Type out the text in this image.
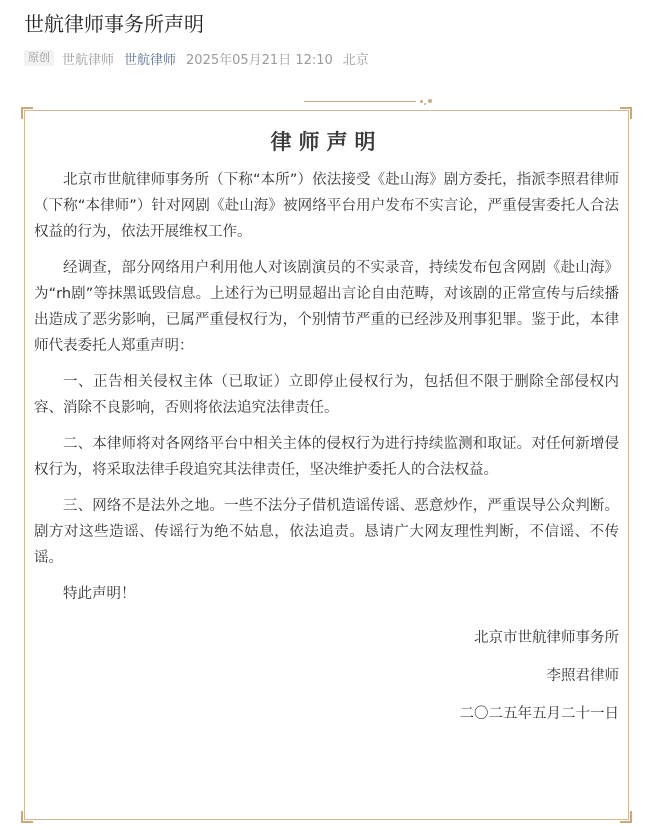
世航律师事务所声明
原创 世航律师 世航律师 2025年05月21日 12:10 北京
律师声明

北京市世航律师事务所（下称“本所”）依法接受《赴山海》剧方委托，指派李照君律师（下称“本律师”）针对网剧《赴山海》被网络平台用户发布不实言论，严重侵害委托人合法权益的行为，依法开展维权工作。

经调查，部分网络用户利用他人对该剧演员的不实录音，持续发布包含网剧《赴山海》为“rh剧”等抹黑诋毁信息。上述行为已明显超出言论自由范畴，对该剧的正常宣传与后续播出造成了恶劣影响，已属严重侵权行为，个别情节严重的已经涉及刑事犯罪。鉴于此，本律师代表委托人郑重声明：

一、正告相关侵权主体（已取证）立即停止侵权行为，包括但不限于删除全部侵权内容、消除不良影响，否则将依法追究法律责任。

二、本律师将对各网络平台中相关主体的侵权行为进行持续监测和取证。对任何新增侵权行为，将采取法律手段追究其法律责任，坚决维护委托人的合法权益。

三、网络不是法外之地。一些不法分子借机造谣传谣、恶意炒作，严重误导公众判断。剧方对这些造谣、传谣行为绝不姑息，依法追责。恳请广大网友理性判断，不信谣、不传谣。

特此声明！

北京市世航律师事务所

李照君律师

二〇二五年五月二十一日
